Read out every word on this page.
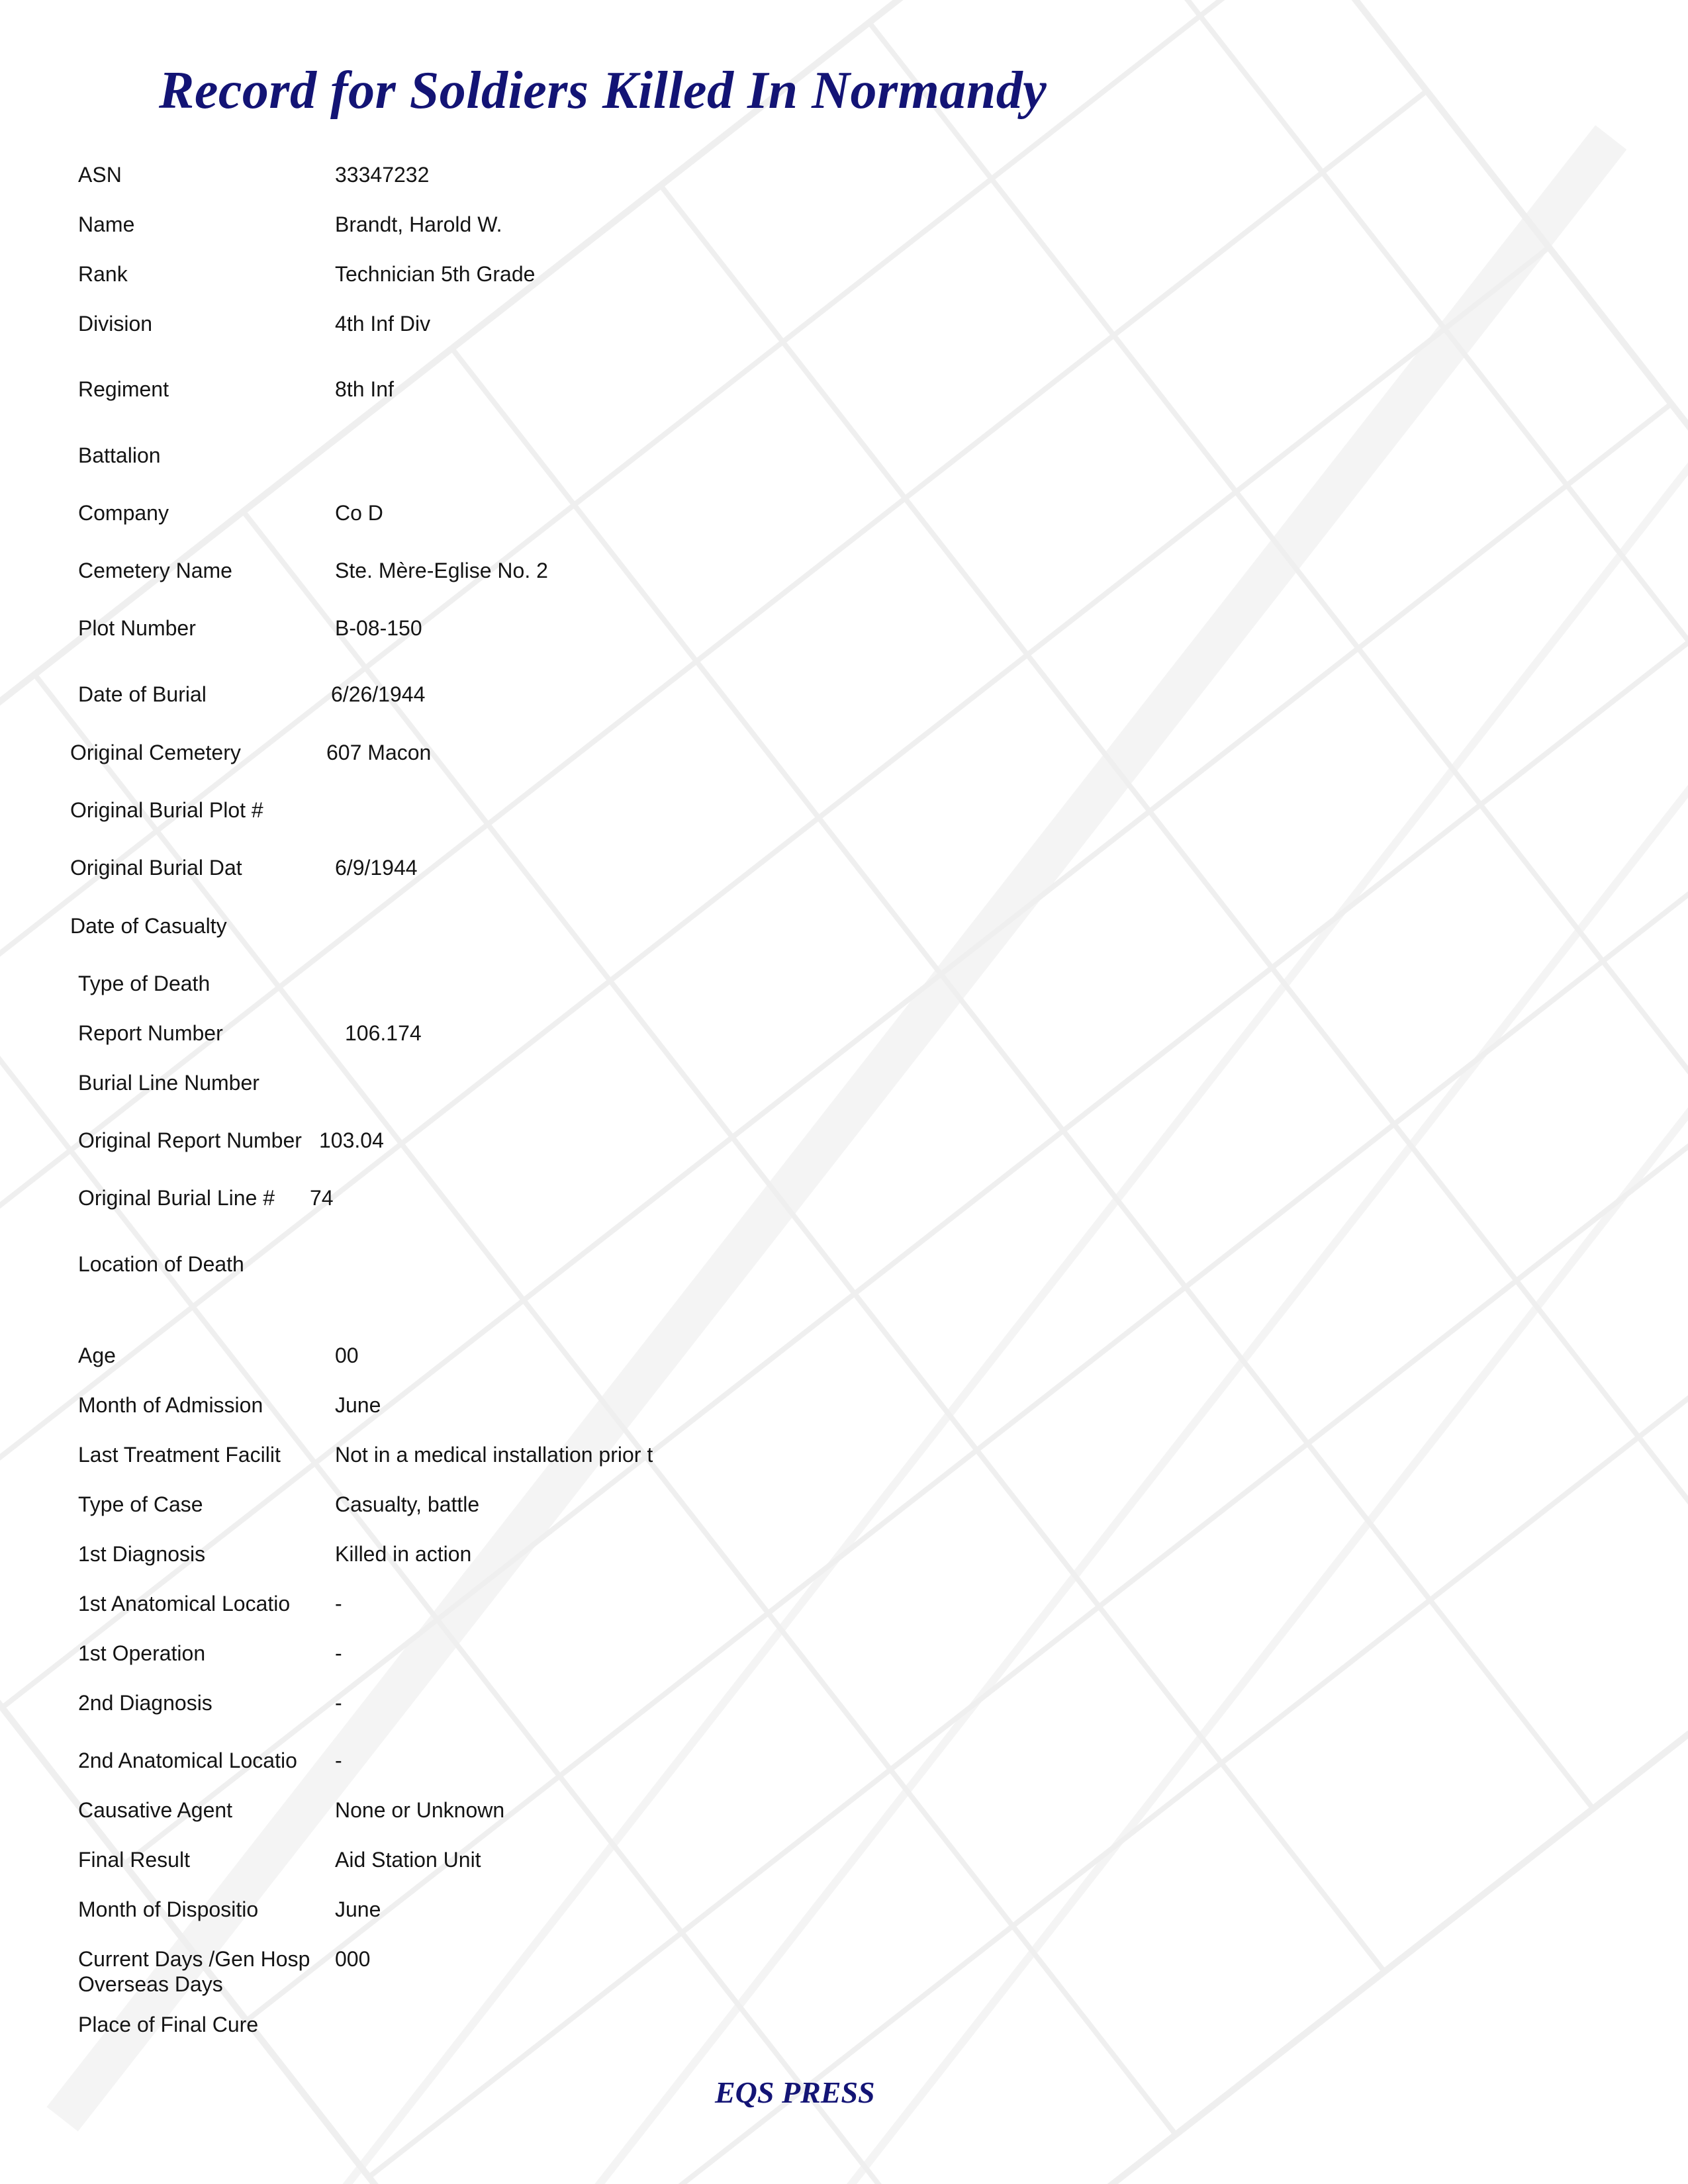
Record for Soldiers Killed In Normandy
ASN	33347232
Name	Brandt, Harold W.
Rank	Technician 5th Grade
Division	4th Inf Div
Regiment	8th Inf
Battalion
Company	Co D
Cemetery Name	Ste. Mère-Eglise No. 2
Plot Number	B-08-150
Date of Burial	6/26/1944
Original Cemetery	607 Macon
Original Burial Plot #
Original Burial Dat	6/9/1944
Date of Casualty
Type of Death
Report Number	106.174
Burial Line Number
Original Report Number 103.04
Original Burial Line # 74
Location of Death
Age	00
Month of Admission	June
Last Treatment Facilit	Not in a medical installation prior t
Type of Case	Casualty, battle
1st Diagnosis	Killed in action
1st Anatomical Locatio -
1st Operation	-
2nd Diagnosis	-
2nd Anatomical Locatio -
Causative Agent	None or Unknown
Final Result	Aid Station Unit
Month of Dispositio	June
Current Days /Gen Hosp 000
Overseas Days
Place of Final Cure
EQS PRESS
